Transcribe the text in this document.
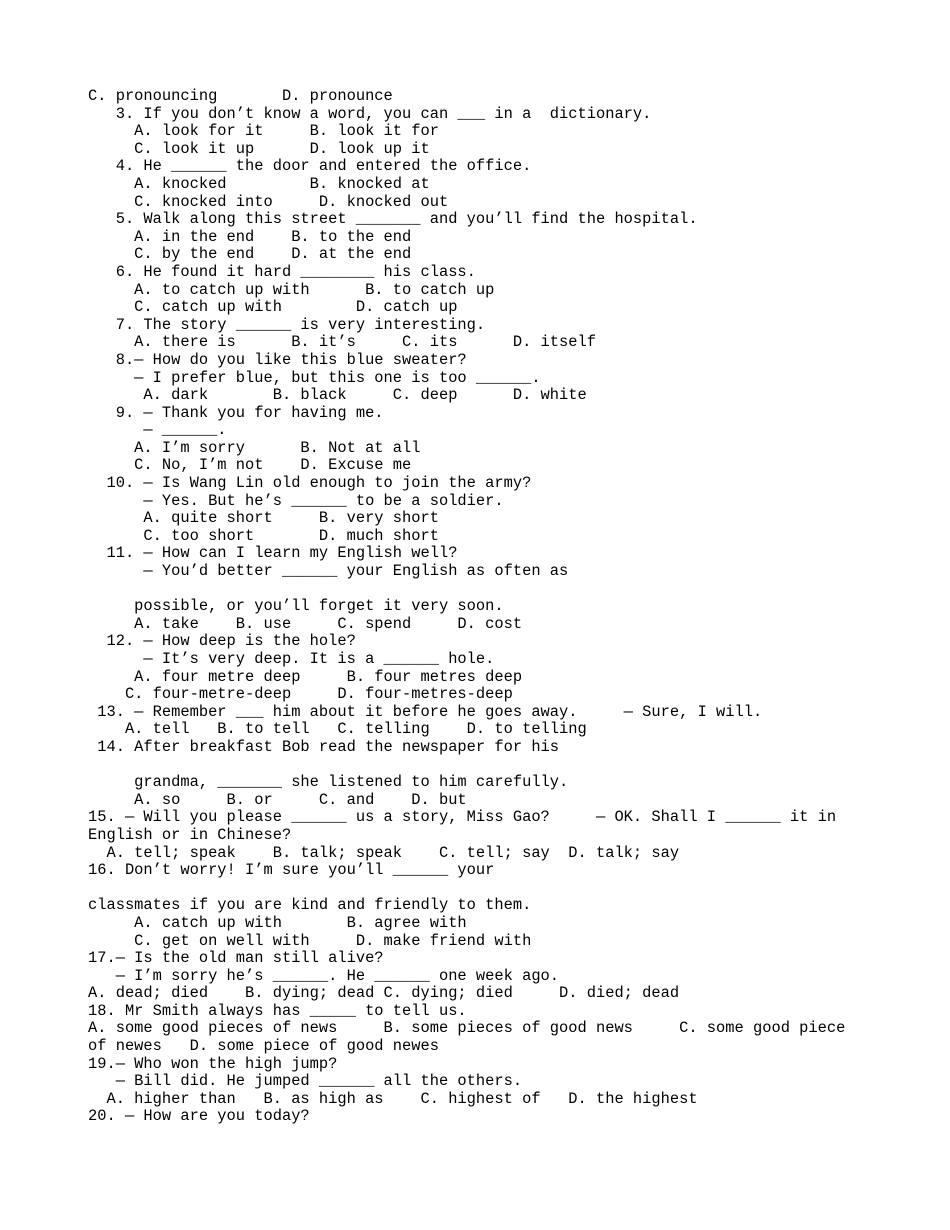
C. pronouncing       D. pronounce
3. If you don’t know a word, you can ___ in a  dictionary.
A. look for it     B. look it for
C. look it up      D. look up it
4. He ______ the door and entered the office.
A. knocked         B. knocked at
C. knocked into     D. knocked out
5. Walk along this street _______ and you’ll find the hospital.
A. in the end    B. to the end
C. by the end    D. at the end
6. He found it hard ________ his class.
A. to catch up with      B. to catch up
C. catch up with        D. catch up
7. The story ______ is very interesting.
A. there is      B. it’s     C. its      D. itself
8.— How do you like this blue sweater?
— I prefer blue, but this one is too ______.
A. dark       B. black     C. deep      D. white
9. — Thank you for having me.
— ______.
A. I’m sorry      B. Not at all
C. No, I’m not    D. Excuse me
10. — Is Wang Lin old enough to join the army?
— Yes. But he’s ______ to be a soldier.
A. quite short     B. very short
C. too short       D. much short
11. — How can I learn my English well?
— You’d better ______ your English as often as
possible, or you’ll forget it very soon.
A. take    B. use     C. spend     D. cost
12. — How deep is the hole?
— It’s very deep. It is a ______ hole.
A. four metre deep     B. four metres deep
C. four-metre-deep     D. four-metres-deep
13. — Remember ___ him about it before he goes away.     — Sure, I will.
A. tell   B. to tell   C. telling    D. to telling
14. After breakfast Bob read the newspaper for his
grandma, _______ she listened to him carefully.
A. so     B. or     C. and    D. but
15. — Will you please ______ us a story, Miss Gao?     — OK. Shall I ______ it in
English or in Chinese?
A. tell; speak    B. talk; speak    C. tell; say  D. talk; say
16. Don’t worry! I’m sure you’ll ______ your
classmates if you are kind and friendly to them.
A. catch up with       B. agree with
C. get on well with     D. make friend with
17.— Is the old man still alive?
— I’m sorry he’s ______. He ______ one week ago.
A. dead; died    B. dying; dead C. dying; died     D. died; dead
18. Mr Smith always has _____ to tell us.
A. some good pieces of news     B. some pieces of good news     C. some good piece
of newes   D. some piece of good newes
19.— Who won the high jump?
— Bill did. He jumped ______ all the others.
A. higher than   B. as high as    C. highest of   D. the highest
20. — How are you today?
